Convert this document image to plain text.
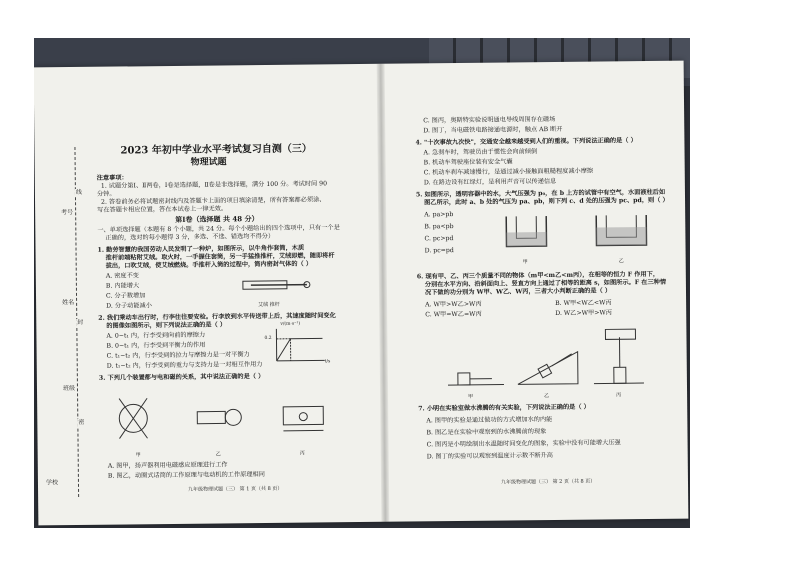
学校
班级
姓名
考号
线
封
密
2023 年初中学业水平考试复习自测（三）
物理试题
注意事项：
1. 试题分第Ⅰ、Ⅱ两卷，Ⅰ卷是选择题，Ⅱ卷是非选择题，满分 100 分。考试时间 90
分钟。
2. 答卷前务必将试题密封线内及答题卡上面的项目填涂清楚，所有答案都必须涂、
写在答题卡相应位置，答在本试卷上一律无效。
第Ⅰ卷（选择题 共 48 分）
一、单项选择题（本题有 8 个小题，共 24 分。每个小题给出的四个选项中，只有一个是
正确的，选对的每小题得 3 分，多选、不选、错选均不得分）
1. 勤劳智慧的我国劳动人民发明了一种炉，如图所示，以牛角作套筒，木质
推杆前端粘附艾绒。取火时，一手握住套筒，另一手猛推推杆，艾绒即燃，随即将杆
拔出，口吹艾绒，使艾绒燃烧。手推杆入筒的过程中，筒内密封气体的（ ）
A. 密度不变
B. 内能增大
C. 分子数增加
D. 分子动能减小	艾绒 推杆
2. 我们乘动车出行时，行李往往要安检。行李放到水平传送带上后，其速度随时间变化
的图像如图所示，则下列说法正确的是（ ）
A. 0~t₁ 内，行李受到向前的摩擦力
B. 0~t₁ 内，行李受到平衡力的作用
C. t₁~t₂ 内，行李受到的拉力与摩擦力是一对平衡力
D. t₁~t₂ 内，行李受到的重力与支持力是一对相互作用力
v/(m·s⁻¹)
0.2
t/s
3. 下列几个装置都与电和磁的关系，其中说法正确的是（ ）
甲	乙	丙
A. 图甲，扬声器利用电磁感应原理进行工作
B. 图乙，动圈式话筒的工作原理与电动机的工作原理相同
九年级物理试题（三） 第 1 页（共 8 页）
C. 图丙，奥斯特实验说明通电导线周围存在磁场
D. 图丁，当电磁铁电路接通电源时，触点 AB 断开
4. "十次事故九次快"，交通安全越来越受到人们的重视。下列说法正确的是（ ）
A. 急刹车时，驾驶员由于惯性会向前倾倒
B. 机动车驾驶座位装有安全气囊
C. 机动车刹车减速慢行，是通过减小接触面粗糙程度减小摩擦
D. 在路边设有红绿灯，是利用声音可以传递信息
5. 如图所示，透明容器中的水，大气压强为 p₀，在 b 上方的试管中有空气，水面液柱后如
图乙所示，此时 a、b 处的气压为 pa、pb，则下列 c、d 处的压强为 pc、pd，则（ ）
A. pa>pb
B. pa<pb
C. pc>pd
D. pc=pd
甲	乙
6. 现有甲、乙、丙三个质量不同的物体（m甲<m乙<m丙），在相等的恒力 F 作用下，
分别在水平方向、沿斜面向上、竖直方向上通过了相等的距离 s，如图所示。F 在三种情
况下做的功分别为 W甲、W乙、W丙，三者大小判断正确的是（ ）
A. W甲>W乙>W丙	B. W甲<W乙<W丙
C. W甲=W乙=W丙	D. W乙>W甲>W丙
甲	乙	丙
7. 小明在实验室做水沸腾的有关实验，下列说法正确的是（ ）
A. 图甲的实验是通过做功的方式增加水的内能
B. 图乙是在实验中观察到的水沸腾前的现象
C. 图丙是小明绘制出水温随时间变化的图象，实验中没有可能增大压强
D. 图丁的实验可以观察到温度计示数不断升高
九年级物理试题（三） 第 2 页（共 8 页）
